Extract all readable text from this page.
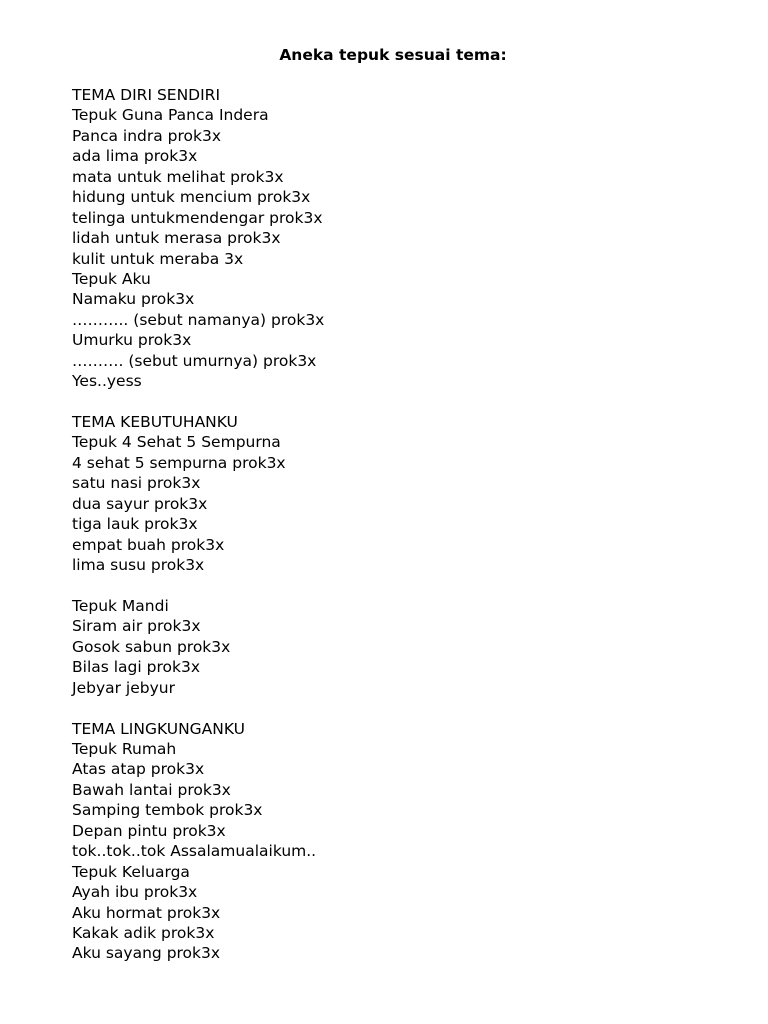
Aneka tepuk sesuai tema:
TEMA DIRI SENDIRI
Tepuk Guna Panca Indera
Panca indra prok3x
ada lima prok3x
mata untuk melihat prok3x
hidung untuk mencium prok3x
telinga untukmendengar prok3x
lidah untuk merasa prok3x
kulit untuk meraba 3x
Tepuk Aku
Namaku prok3x
……….. (sebut namanya) prok3x
Umurku prok3x
………. (sebut umurnya) prok3x
Yes..yess
TEMA KEBUTUHANKU
Tepuk 4 Sehat 5 Sempurna
4 sehat 5 sempurna prok3x
satu nasi prok3x
dua sayur prok3x
tiga lauk prok3x
empat buah prok3x
lima susu prok3x
Tepuk Mandi
Siram air prok3x
Gosok sabun prok3x
Bilas lagi prok3x
Jebyar jebyur
TEMA LINGKUNGANKU
Tepuk Rumah
Atas atap prok3x
Bawah lantai prok3x
Samping tembok prok3x
Depan pintu prok3x
tok..tok..tok Assalamualaikum..
Tepuk Keluarga
Ayah ibu prok3x
Aku hormat prok3x
Kakak adik prok3x
Aku sayang prok3x
